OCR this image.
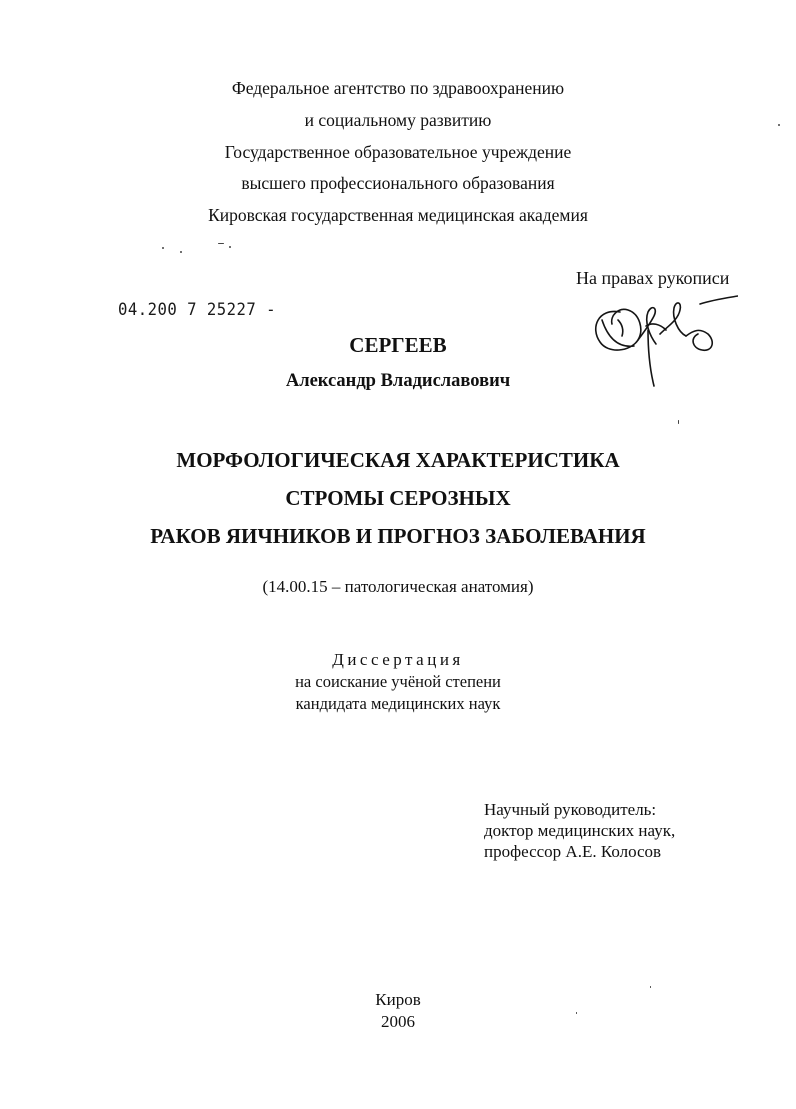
Федеральное агентство по здравоохранению
и социальному развитию
Государственное образовательное учреждение
высшего профессионального образования
Кировская государственная медицинская академия
На правах рукописи
04.200 7 25227 -
СЕРГЕЕВ
Александр Владиславович
МОРФОЛОГИЧЕСКАЯ ХАРАКТЕРИСТИКА
СТРОМЫ СЕРОЗНЫХ
РАКОВ ЯИЧНИКОВ И ПРОГНОЗ ЗАБОЛЕВАНИЯ
(14.00.15 – патологическая анатомия)
Диссертация
на соискание учёной степени
кандидата медицинских наук
Научный руководитель:
доктор медицинских наук,
профессор А.Е. Колосов
Киров
2006
